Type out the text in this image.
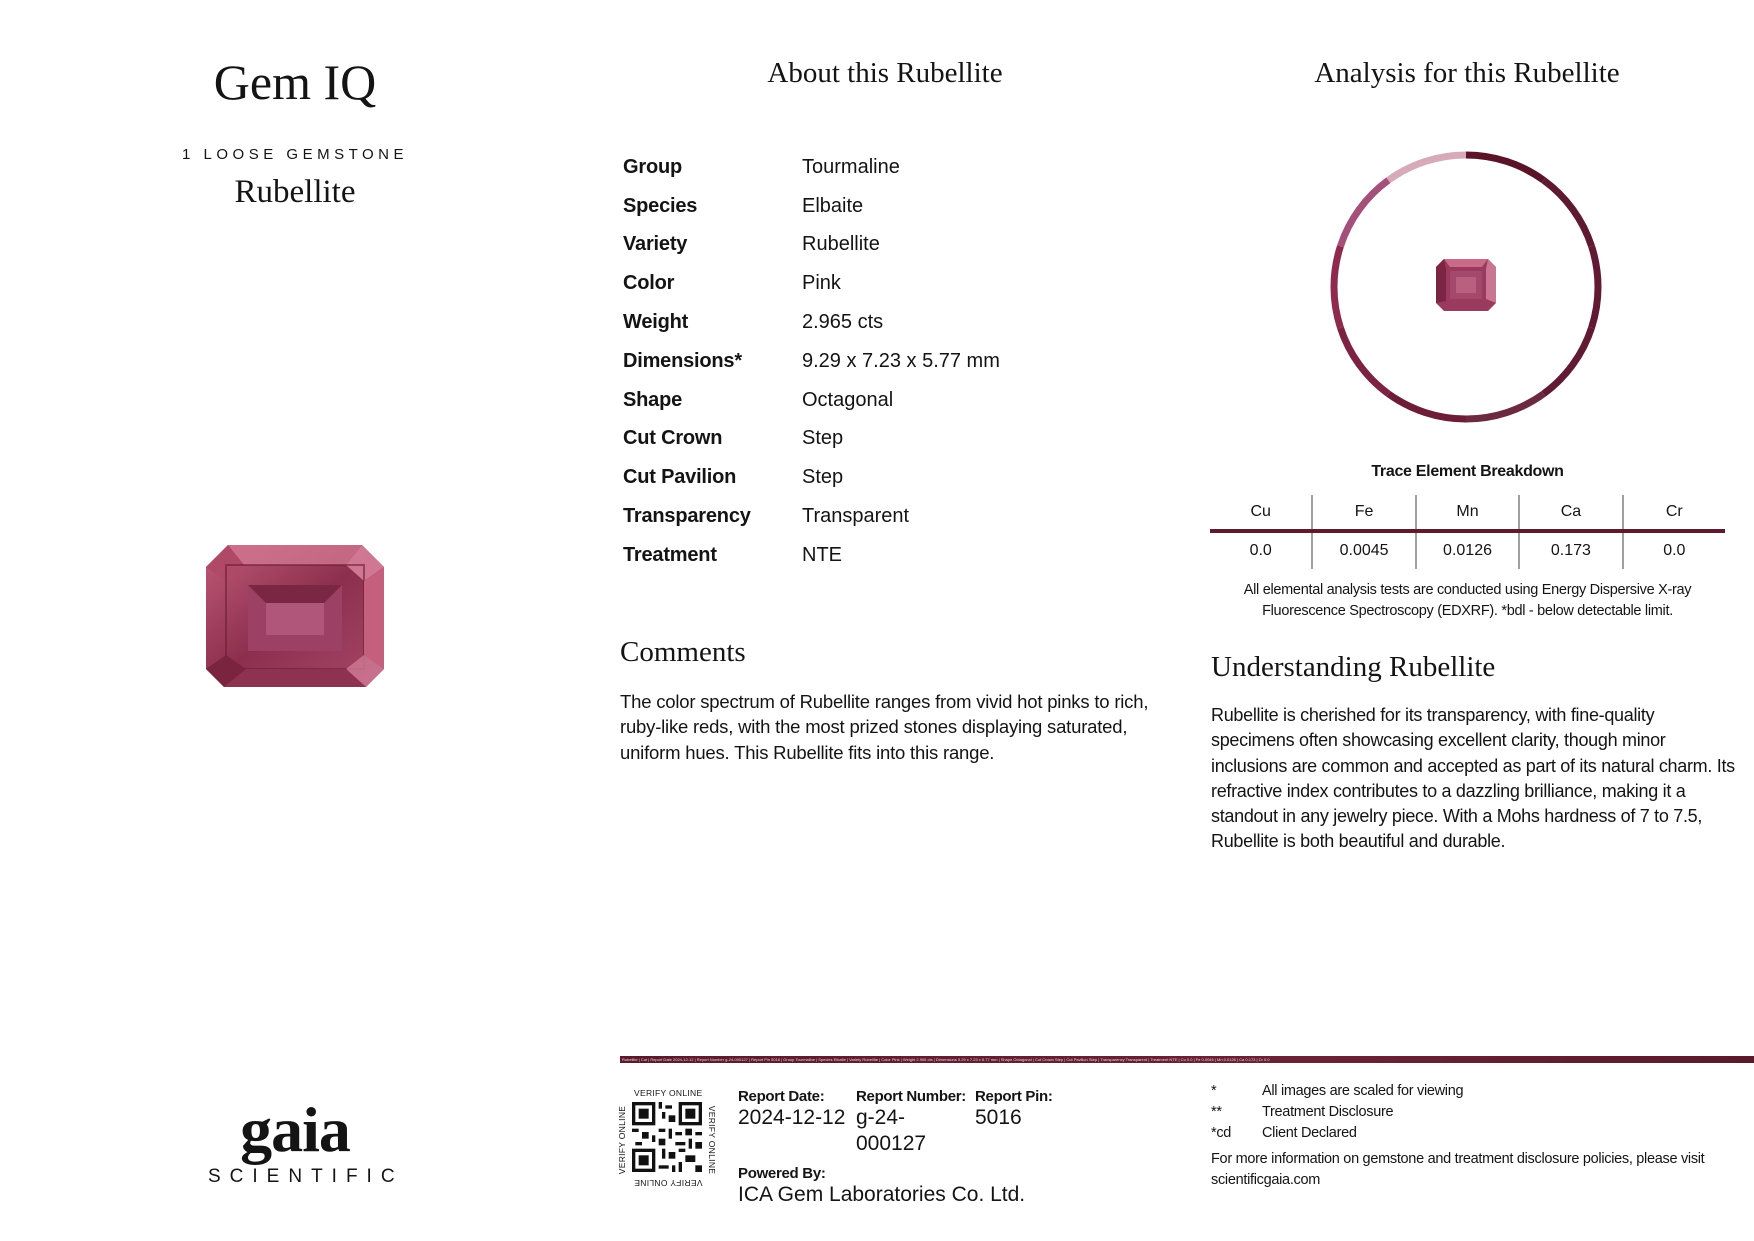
Gem IQ
1 LOOSE GEMSTONE
Rubellite
gaia
SCIENTIFIC
About this Rubellite
Group	Tourmaline
Species	Elbaite
Variety	Rubellite
Color	Pink
Weight	2.965 cts
Dimensions*	9.29 x 7.23 x 5.77 mm
Shape	Octagonal
Cut Crown	Step
Cut Pavilion	Step
Transparency	Transparent
Treatment	NTE
Comments
The color spectrum of Rubellite ranges from vivid hot pinks to rich, ruby-like reds, with the most prized stones displaying saturated, uniform hues. This Rubellite fits into this range.
Analysis for this Rubellite
Trace Element Breakdown
Cu	Fe	Mn	Ca	Cr
0.0	0.0045	0.0126	0.173	0.0
All elemental analysis tests are conducted using Energy Dispersive X-ray Fluorescence Spectroscopy (EDXRF). *bdl - below detectable limit.
Understanding Rubellite
Rubellite is cherished for its transparency, with fine-quality specimens often showcasing excellent clarity, though minor inclusions are common and accepted as part of its natural charm. Its refractive index contributes to a dazzling brilliance, making it a standout in any jewelry piece. With a Mohs hardness of 7 to 7.5, Rubellite is both beautiful and durable.
Rubellite | Cut | Report Date 2024-12-12 | Report Number g-24-000127 | Report Pin 5016 | Group Tourmaline | Species Elbaite | Variety Rubellite | Color Pink | Weight 2.965 cts | Dimensions 9.29 x 7.23 x 5.77 mm | Shape Octagonal | Cut Crown Step | Cut Pavilion Step | Transparency Transparent | Treatment NTE | Cu 0.0 | Fe 0.0045 | Mn 0.0126 | Ca 0.173 | Cr 0.0
VERIFY ONLINE
VERIFY ONLINE
VERIFY ONLINE	VERIFY ONLINE
Report Date:
2024-12-12
Report Number:
g-24-000127
Report Pin:
5016
Powered By:
ICA Gem Laboratories Co. Ltd.
*	All images are scaled for viewing
**	Treatment Disclosure
*cd	Client Declared
For more information on gemstone and treatment disclosure policies, please visit scientificgaia.com
